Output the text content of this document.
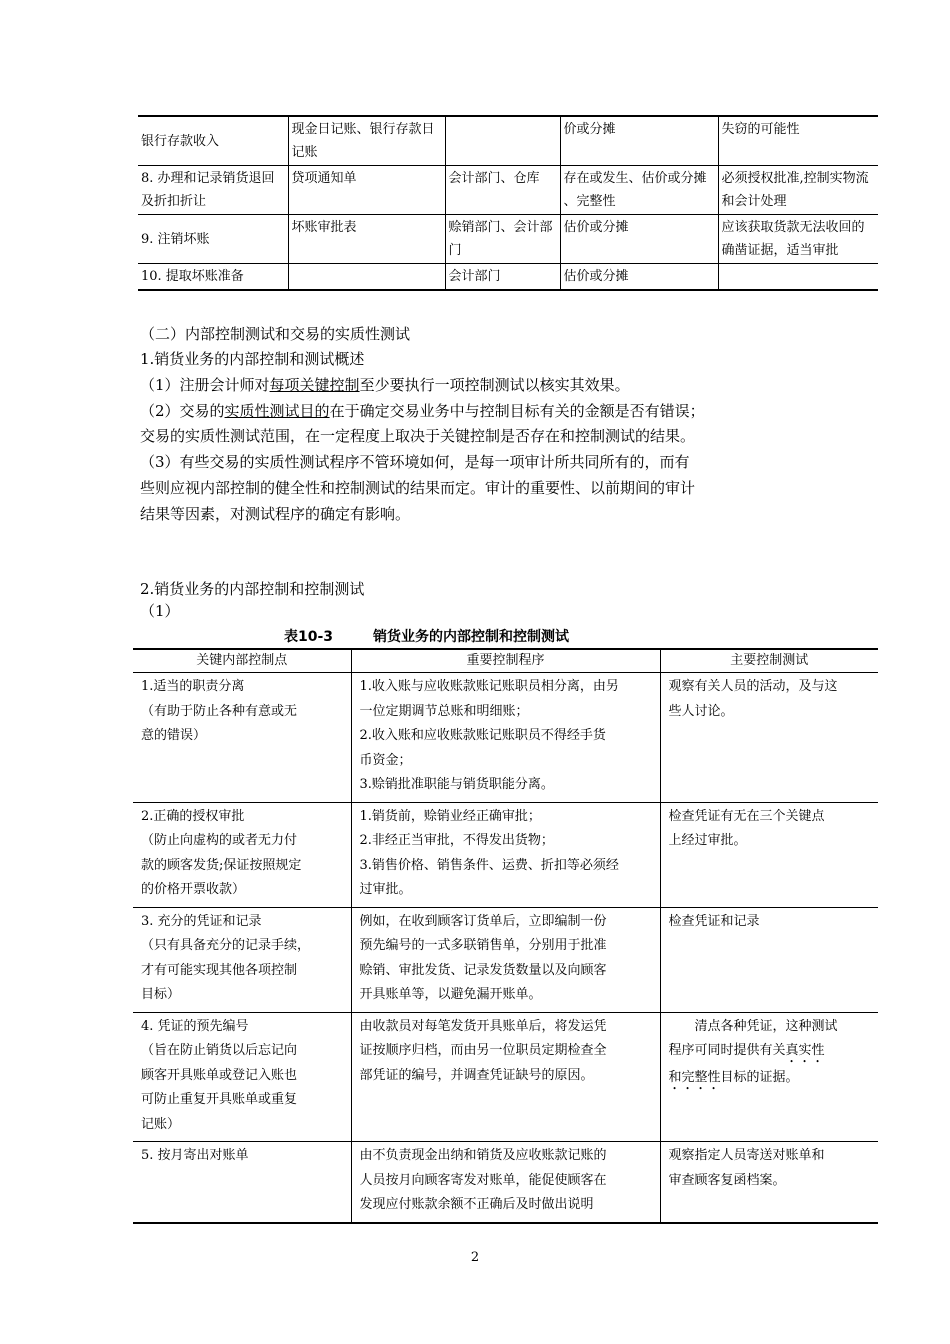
银行存款收入	现金日记账、银行存款日记账		价或分摊	失窃的可能性
8. 办理和记录销货退回及折扣折让	贷项通知单	会计部门、仓库	存在或发生、估价或分摊 、完整性	必须授权批准,控制实物流和会计处理
9. 注销坏账	坏账审批表	赊销部门、会计部门	估价或分摊	应该获取货款无法收回的确凿证据，适当审批
10. 提取坏账准备		会计部门	估价或分摊	
（二）内部控制测试和交易的实质性测试
1.销货业务的内部控制和测试概述
（1）注册会计师对每项关键控制至少要执行一项控制测试以核实其效果。
（2）交易的实质性测试目的在于确定交易业务中与控制目标有关的金额是否有错误；
交易的实质性测试范围，在一定程度上取决于关键控制是否存在和控制测试的结果。
（3）有些交易的实质性测试程序不管环境如何，是每一项审计所共同所有的，而有
些则应视内部控制的健全性和控制测试的结果而定。审计的重要性、以前期间的审计
结果等因素，对测试程序的确定有影响。
2.销货业务的内部控制和控制测试
（1）
表10-3	销货业务的内部控制和控制测试
关键内部控制点	重要控制程序	主要控制测试

1.适当的职责分离
（有助于防止各种有意或无
意的错误）	1.收入账与应收账款账记账职员相分离，由另
一位定期调节总账和明细账；
2.收入账和应收账款账记账职员不得经手货
币资金；
3.赊销批准职能与销货职能分离。	观察有关人员的活动，及与这
些人讨论。

2.正确的授权审批
（防止向虚构的或者无力付
款的顾客发货;保证按照规定
的价格开票收款）	1.销货前，赊销业经正确审批；
2.非经正当审批，不得发出货物；
3.销售价格、销售条件、运费、折扣等必须经
过审批。	检查凭证有无在三个关键点
上经过审批。

3. 充分的凭证和记录
（只有具备充分的记录手续，
才有可能实现其他各项控制
目标）	例如，在收到顾客订货单后，立即编制一份
预先编号的一式多联销售单，分别用于批准
赊销、审批发货、记录发货数量以及向顾客
开具账单等，以避免漏开账单。	检查凭证和记录

4. 凭证的预先编号
（旨在防止销货以后忘记向
顾客开具账单或登记入账也
可防止重复开具账单或重复
记账）	由收款员对每笔发货开具账单后，将发运凭
证按顺序归档，而由另一位职员定期检查全
部凭证的编号，并调查凭证缺号的原因。	　　清点各种凭证，这种测试
程序可同时提供有关真实性
和完整性目标的证据。

5. 按月寄出对账单	由不负责现金出纳和销货及应收账款记账的
人员按月向顾客寄发对账单，能促使顾客在
发现应付账款余额不正确后及时做出说明	观察指定人员寄送对账单和
审查顾客复函档案。
2
